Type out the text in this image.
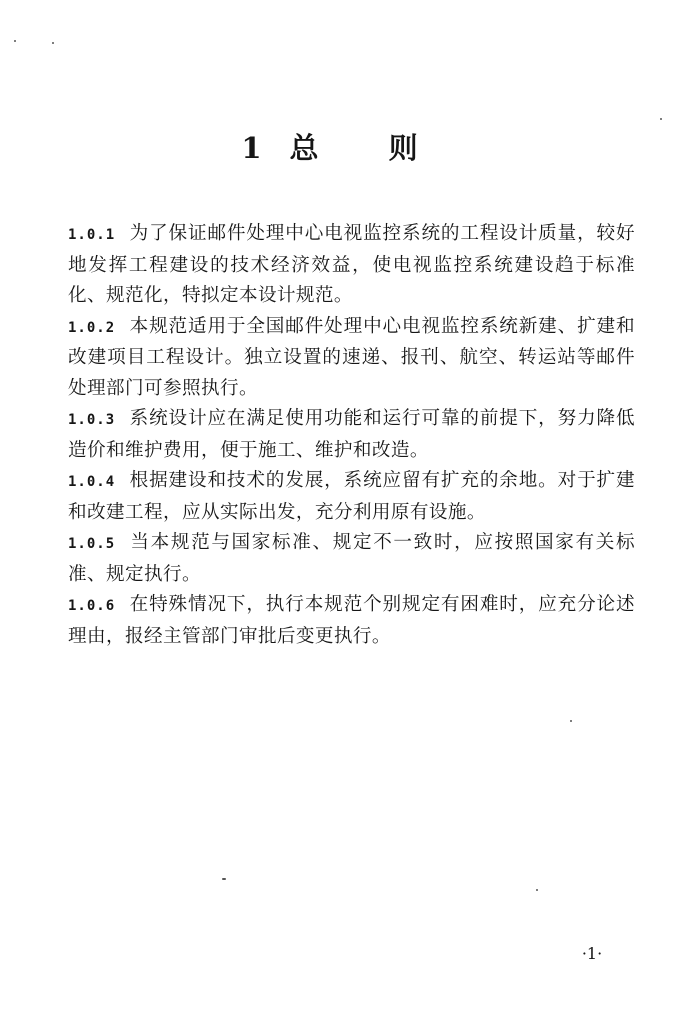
1 总 则

1.0.1 为了保证邮件处理中心电视监控系统的工程设计质量，较好地发挥工程建设的技术经济效益，使电视监控系统建设趋于标准化、规范化，特拟定本设计规范。

1.0.2 本规范适用于全国邮件处理中心电视监控系统新建、扩建和改建项目工程设计。独立设置的速递、报刊、航空、转运站等邮件处理部门可参照执行。

1.0.3 系统设计应在满足使用功能和运行可靠的前提下，努力降低造价和维护费用，便于施工、维护和改造。

1.0.4 根据建设和技术的发展，系统应留有扩充的余地。对于扩建和改建工程，应从实际出发，充分利用原有设施。

1.0.5 当本规范与国家标准、规定不一致时，应按照国家有关标准、规定执行。

1.0.6 在特殊情况下，执行本规范个别规定有困难时，应充分论述理由，报经主管部门审批后变更执行。

·1·
